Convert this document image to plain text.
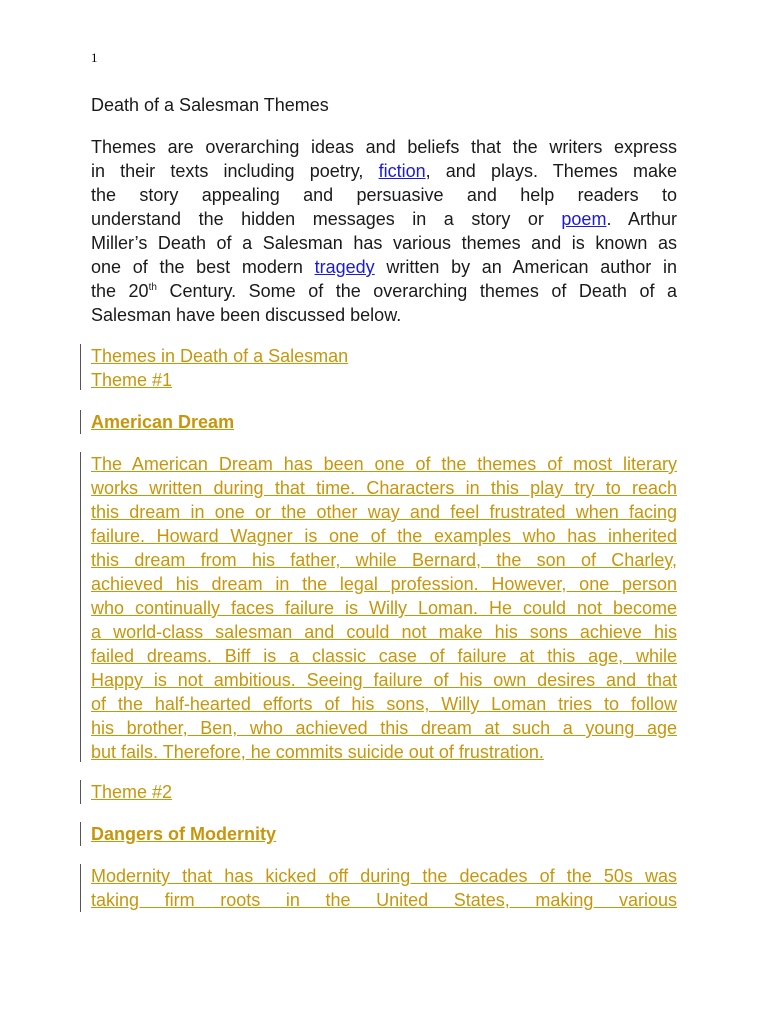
1
Death of a Salesman Themes
Themes are overarching ideas and beliefs that the writers express
in their texts including poetry, fiction, and plays. Themes make
the story appealing and persuasive and help readers to
understand the hidden messages in a story or poem. Arthur
Miller’s Death of a Salesman has various themes and is known as
one of the best modern tragedy written by an American author in
the 20th Century. Some of the overarching themes of Death of a
Salesman have been discussed below.
Themes in Death of a Salesman
Theme #1
American Dream
The American Dream has been one of the themes of most literary
works written during that time. Characters in this play try to reach
this dream in one or the other way and feel frustrated when facing
failure. Howard Wagner is one of the examples who has inherited
this dream from his father, while Bernard, the son of Charley,
achieved his dream in the legal profession. However, one person
who continually faces failure is Willy Loman. He could not become
a world-class salesman and could not make his sons achieve his
failed dreams. Biff is a classic case of failure at this age, while
Happy is not ambitious. Seeing failure of his own desires and that
of the half-hearted efforts of his sons, Willy Loman tries to follow
his brother, Ben, who achieved this dream at such a young age
but fails. Therefore, he commits suicide out of frustration.
Theme #2
Dangers of Modernity
Modernity that has kicked off during the decades of the 50s was
taking firm roots in the United States, making various
